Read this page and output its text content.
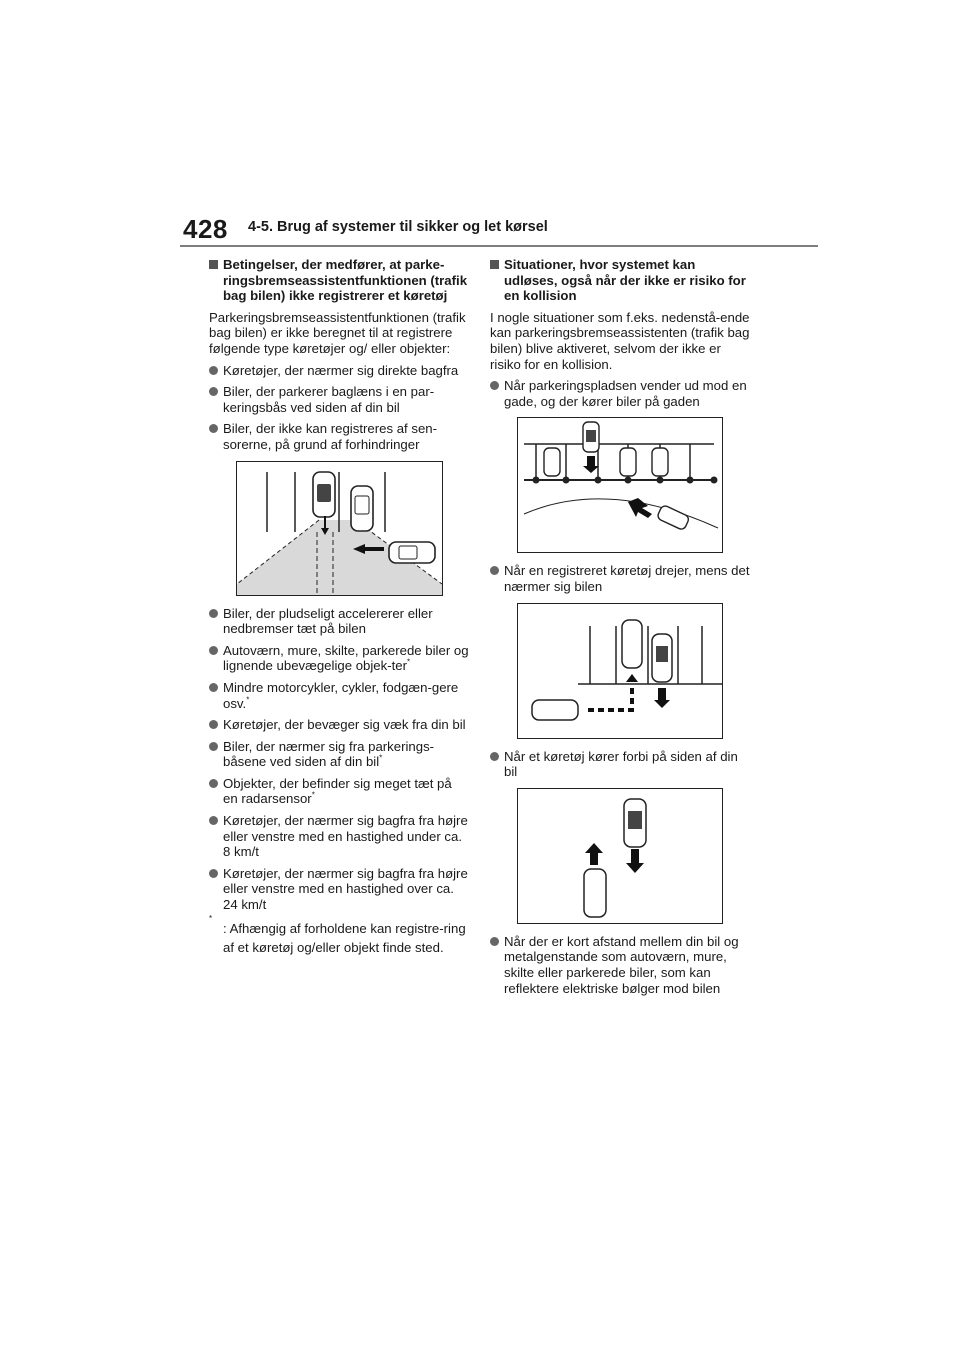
428 4-5. Brug af systemer til sikker og let kørsel
Betingelser, der medfører, at parke-ringsbremseassistentfunktionen (trafik bag bilen) ikke registrerer et køretøj

Parkeringsbremseassistentfunktionen (trafik bag bilen) er ikke beregnet til at registrere følgende type køretøjer og/ eller objekter:

Køretøjer, der nærmer sig direkte bagfra
Biler, der parkerer baglæns i en par-keringsbås ved siden af din bil
Biler, der ikke kan registreres af sen-sorerne, på grund af forhindringer
Biler, der pludseligt accelererer eller nedbremser tæt på bilen
Autoværn, mure, skilte, parkerede biler og lignende ubevægelige objek-ter*
Mindre motorcykler, cykler, fodgæn-gere osv.*
Køretøjer, der bevæger sig væk fra din bil
Biler, der nærmer sig fra parkerings-båsene ved siden af din bil*
Objekter, der befinder sig meget tæt på en radarsensor*
Køretøjer, der nærmer sig bagfra fra højre eller venstre med en hastighed under ca. 8 km/t
Køretøjer, der nærmer sig bagfra fra højre eller venstre med en hastighed over ca. 24 km/t
*
: Afhængig af forholdene kan registre-ring af et køretøj og/eller objekt finde sted.
Situationer, hvor systemet kan udløses, også når der ikke er risiko for en kollision

I nogle situationer som f.eks. nedenstå-ende kan parkeringsbremseassistenten (trafik bag bilen) blive aktiveret, selvom der ikke er risiko for en kollision.

Når parkeringspladsen vender ud mod en gade, og der kører biler på gaden
Når en registreret køretøj drejer, mens det nærmer sig bilen
Når et køretøj kører forbi på siden af din bil
Når der er kort afstand mellem din bil og metalgenstande som autoværn, mure, skilte eller parkerede biler, som kan reflektere elektriske bølger mod bilen
